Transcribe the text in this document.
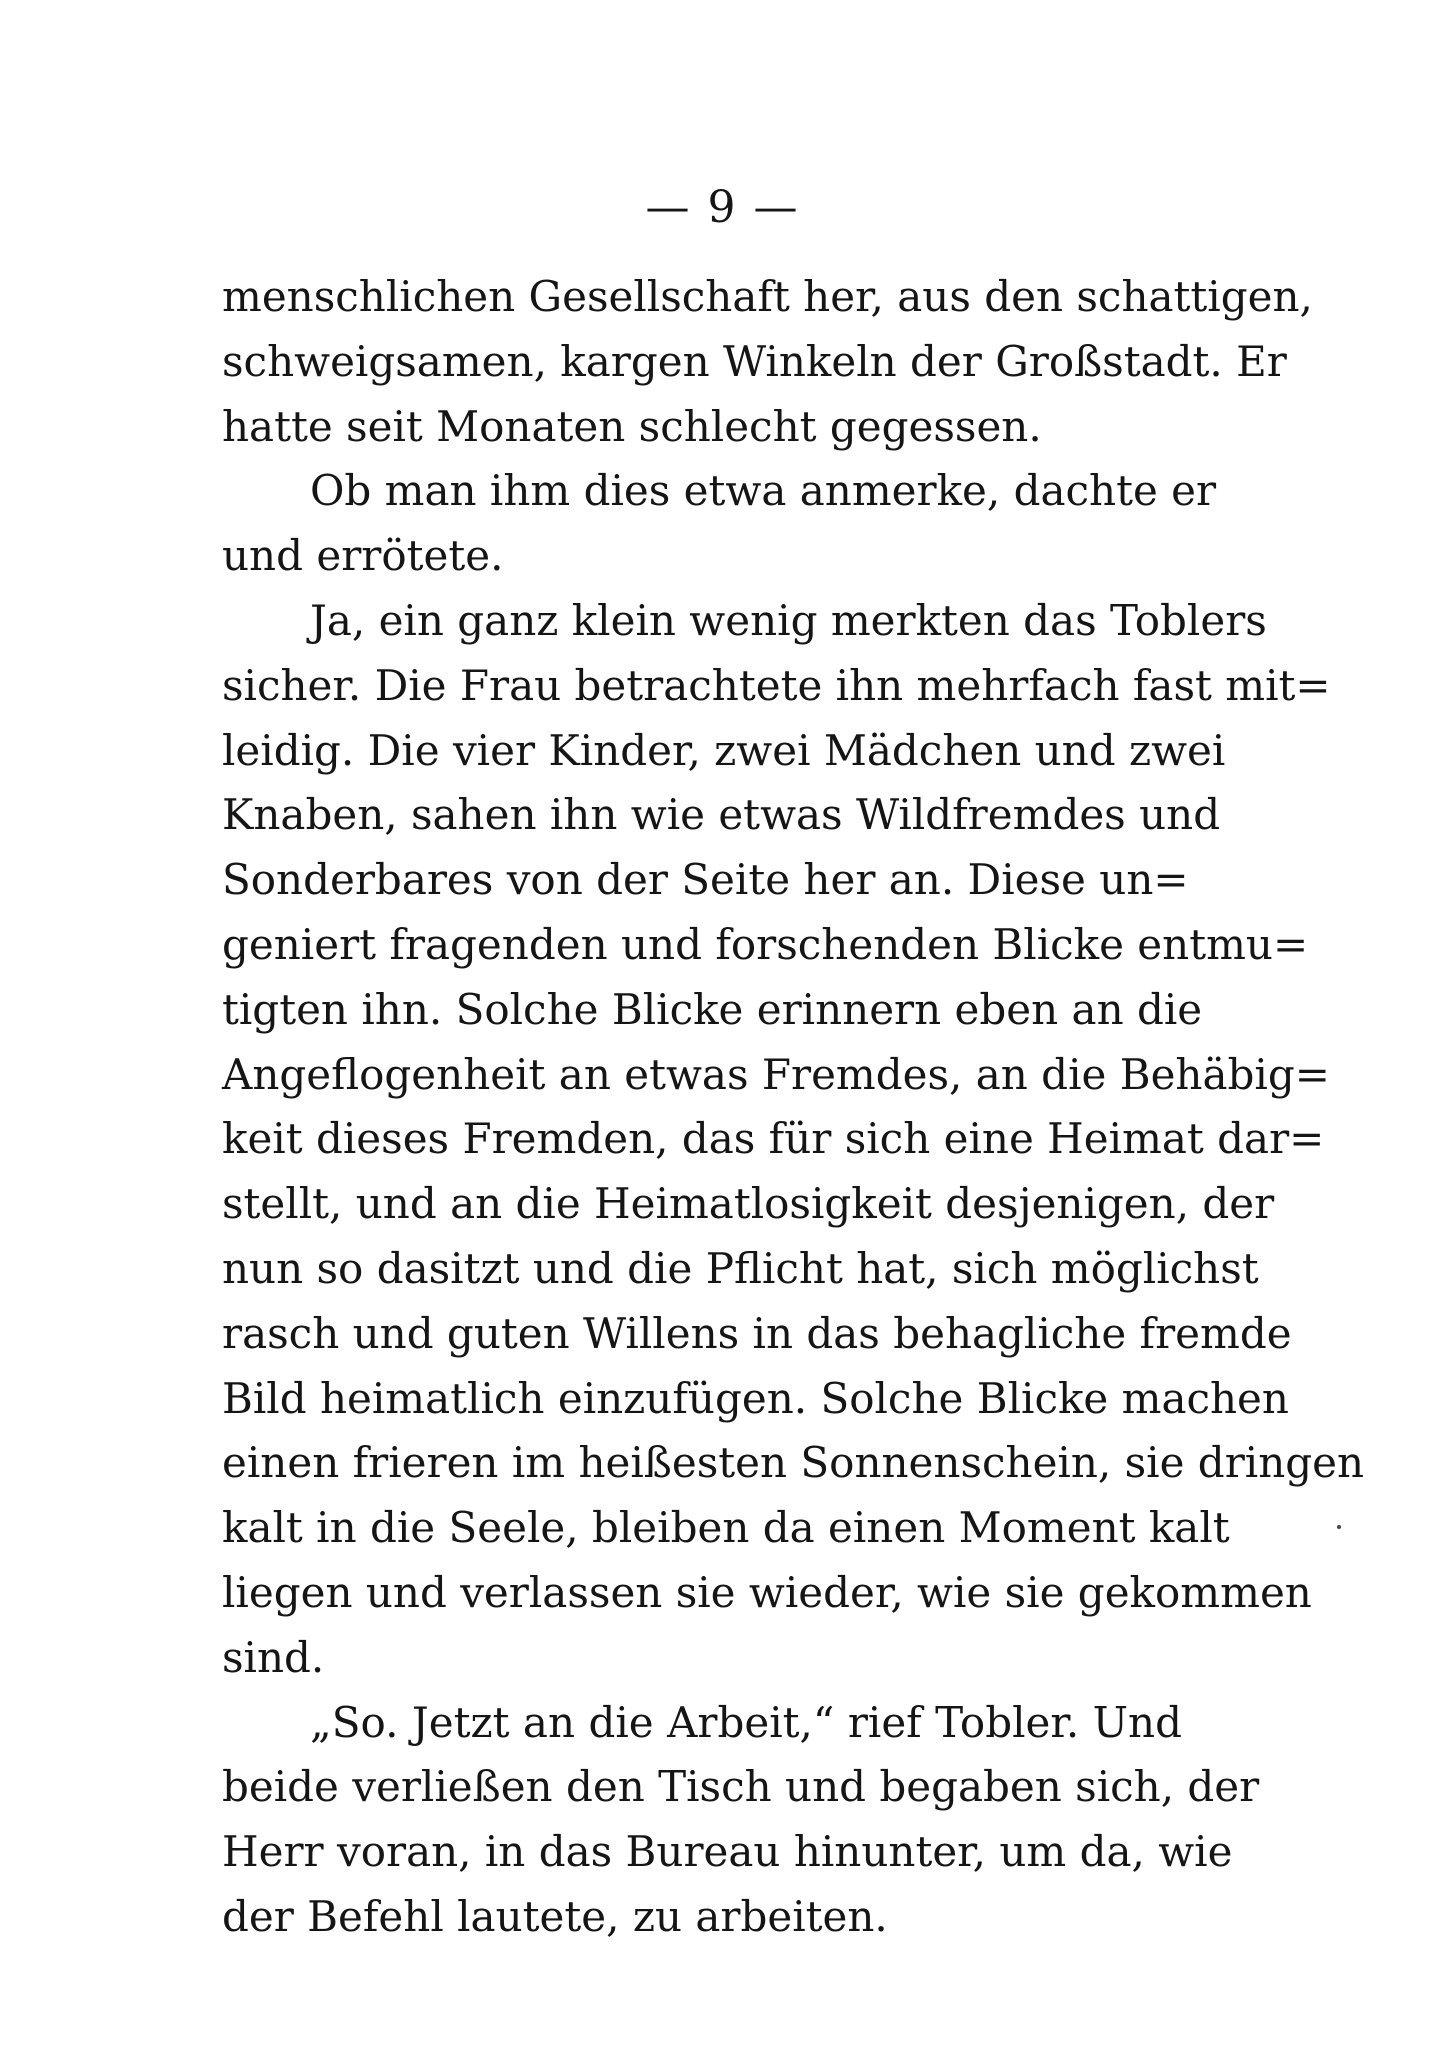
— 9 —
menschlichen Gesellschaft her, aus den schattigen,
schweigsamen, kargen Winkeln der Großstadt. Er
hatte seit Monaten schlecht gegessen.
Ob man ihm dies etwa anmerke, dachte er
und errötete.
Ja, ein ganz klein wenig merkten das Toblers
sicher. Die Frau betrachtete ihn mehrfach fast mit=
leidig. Die vier Kinder, zwei Mädchen und zwei
Knaben, sahen ihn wie etwas Wildfremdes und
Sonderbares von der Seite her an. Diese un=
geniert fragenden und forschenden Blicke entmu=
tigten ihn. Solche Blicke erinnern eben an die
Angeflogenheit an etwas Fremdes, an die Behäbig=
keit dieses Fremden, das für sich eine Heimat dar=
stellt, und an die Heimatlosigkeit desjenigen, der
nun so dasitzt und die Pflicht hat, sich möglichst
rasch und guten Willens in das behagliche fremde
Bild heimatlich einzufügen. Solche Blicke machen
einen frieren im heißesten Sonnenschein, sie dringen
kalt in die Seele, bleiben da einen Moment kalt
liegen und verlassen sie wieder, wie sie gekommen
sind.
„So. Jetzt an die Arbeit,“ rief Tobler. Und
beide verließen den Tisch und begaben sich, der
Herr voran, in das Bureau hinunter, um da, wie
der Befehl lautete, zu arbeiten.
